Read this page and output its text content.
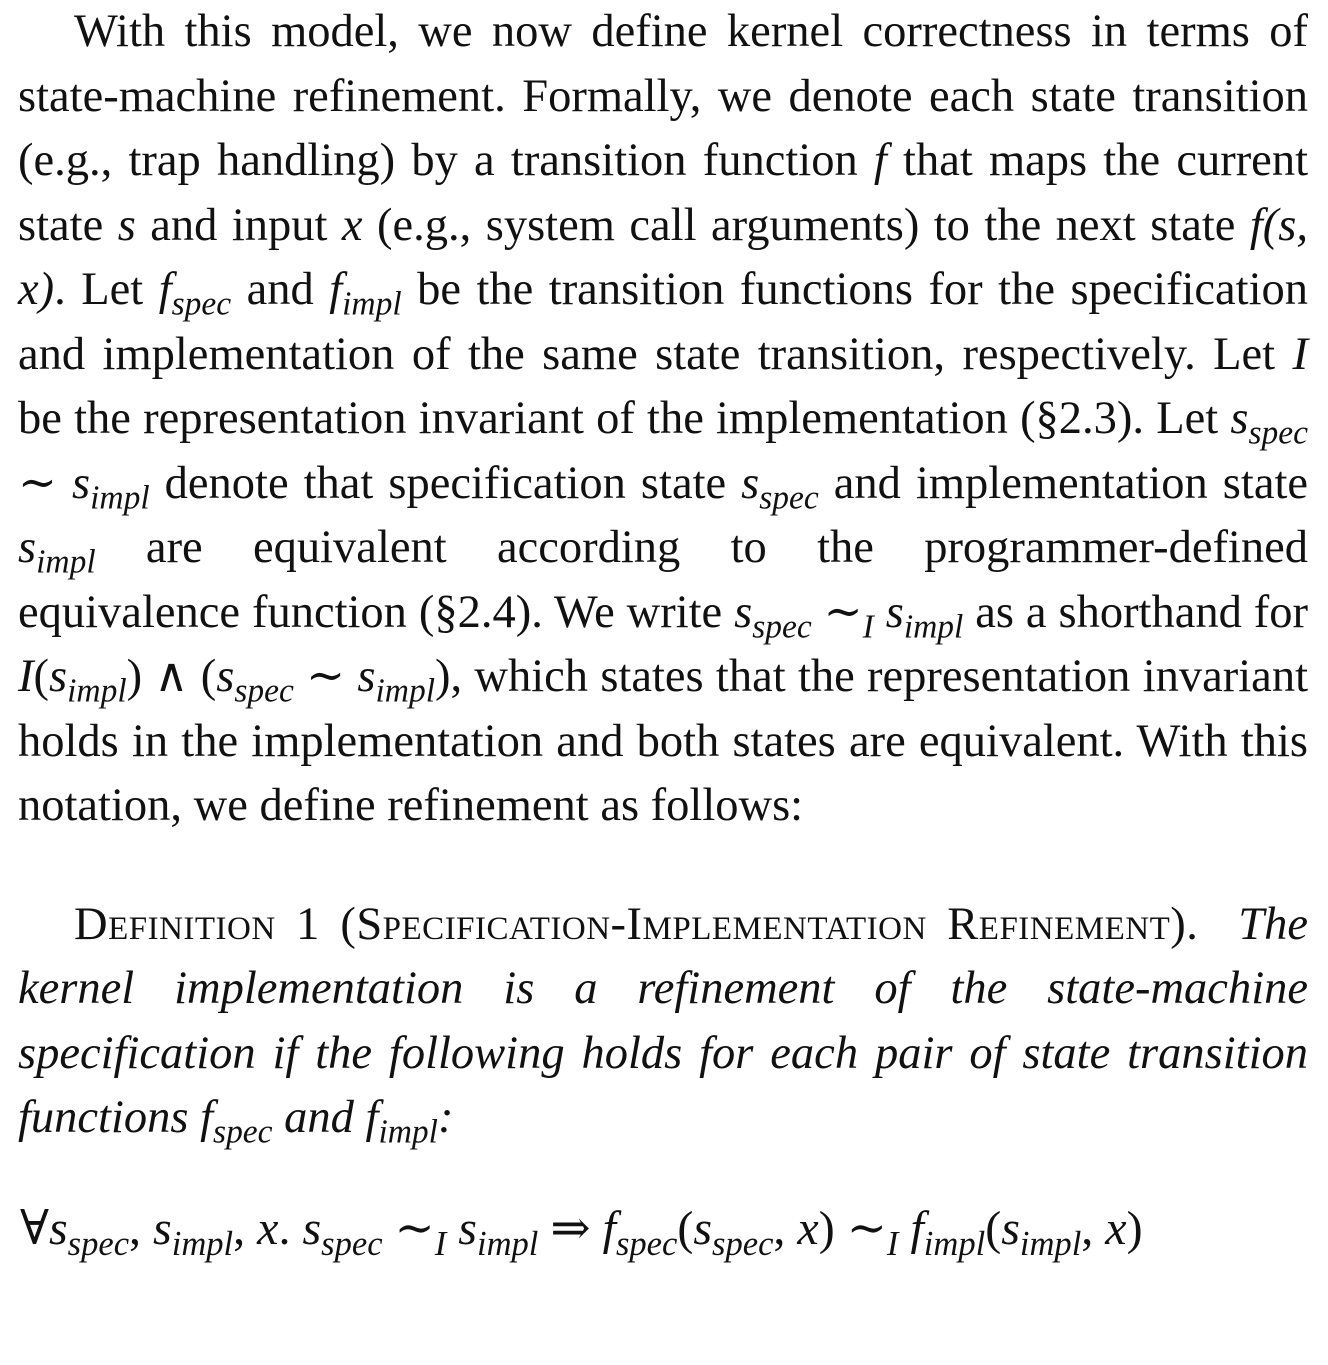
With this model, we now define kernel correctness in terms of state-machine refinement. Formally, we denote each state transition (e.g., trap handling) by a transition function f that maps the current state s and input x (e.g., system call arguments) to the next state f(s, x). Let $f_{spec}$ and $f_{impl}$ be the transition functions for the specification and implementation of the same state transition, respectively. Let I be the representation invariant of the implementation (§2.3). Let $s_{spec}$ ∼ $s_{impl}$ denote that specification state $s_{spec}$ and implementation state $s_{impl}$ are equivalent according to the programmer-defined equivalence function (§2.4). We write $s_{spec}$ $\sim_I$ $s_{impl}$ as a shorthand for $I(s_{impl})$ ∧ ($s_{spec}$ ∼ $s_{impl}$), which states that the representation invariant holds in the implementation and both states are equivalent. With this notation, we define refinement as follows:

Definition 1 (Specification-Implementation Refinement). The kernel implementation is a refinement of the state-machine specification if the following holds for each pair of state transition functions $f_{spec}$ and $f_{impl}$:

$\forall s_{spec}$, $s_{impl}$, x. $s_{spec}$ $\sim_I$ $s_{impl}$ ⇒ $f_{spec}(s_{spec}$, x) $\sim_I$ $f_{impl}(s_{impl}$, x)
